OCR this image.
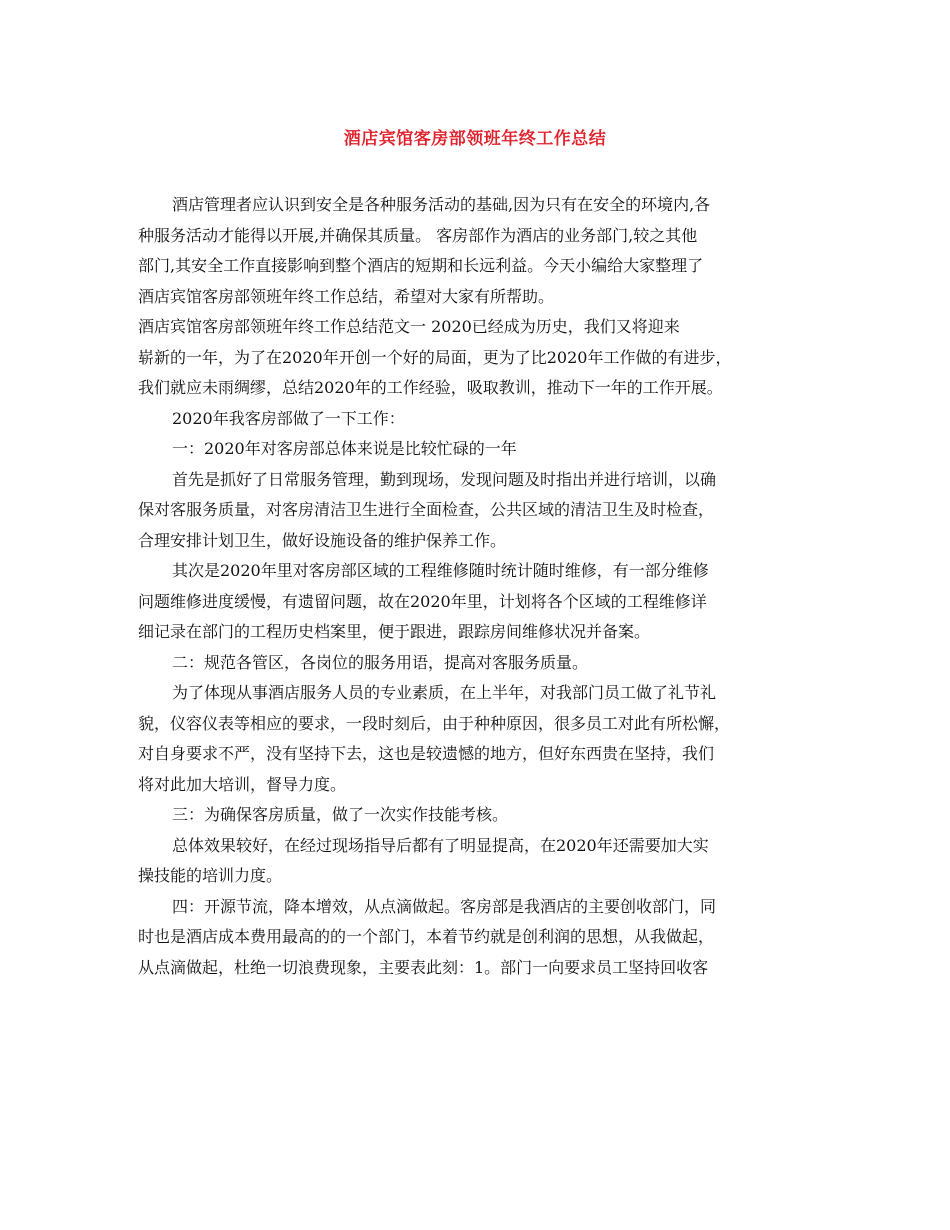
酒店宾馆客房部领班年终工作总结
酒店管理者应认识到安全是各种服务活动的基础,因为只有在安全的环境内,各
种服务活动才能得以开展,并确保其质量。 客房部作为酒店的业务部门,较之其他
部门,其安全工作直接影响到整个酒店的短期和长远利益。今天小编给大家整理了
酒店宾馆客房部领班年终工作总结，希望对大家有所帮助。
酒店宾馆客房部领班年终工作总结范文一 2020已经成为历史，我们又将迎来
崭新的一年，为了在2020年开创一个好的局面，更为了比2020年工作做的有进步，
我们就应未雨绸缪，总结2020年的工作经验，吸取教训，推动下一年的工作开展。
2020年我客房部做了一下工作：
一：2020年对客房部总体来说是比较忙碌的一年
首先是抓好了日常服务管理，勤到现场，发现问题及时指出并进行培训，以确
保对客服务质量，对客房清洁卫生进行全面检查，公共区域的清洁卫生及时检查，
合理安排计划卫生，做好设施设备的维护保养工作。
其次是2020年里对客房部区域的工程维修随时统计随时维修，有一部分维修
问题维修进度缓慢，有遗留问题，故在2020年里，计划将各个区域的工程维修详
细记录在部门的工程历史档案里，便于跟进，跟踪房间维修状况并备案。
二：规范各管区，各岗位的服务用语，提高对客服务质量。
为了体现从事酒店服务人员的专业素质，在上半年，对我部门员工做了礼节礼
貌，仪容仪表等相应的要求，一段时刻后，由于种种原因，很多员工对此有所松懈，
对自身要求不严，没有坚持下去，这也是较遗憾的地方，但好东西贵在坚持，我们
将对此加大培训，督导力度。
三：为确保客房质量，做了一次实作技能考核。
总体效果较好，在经过现场指导后都有了明显提高，在2020年还需要加大实
操技能的培训力度。
四：开源节流，降本增效，从点滴做起。客房部是我酒店的主要创收部门，同
时也是酒店成本费用最高的的一个部门，本着节约就是创利润的思想，从我做起，
从点滴做起，杜绝一切浪费现象，主要表此刻：1。部门一向要求员工坚持回收客
